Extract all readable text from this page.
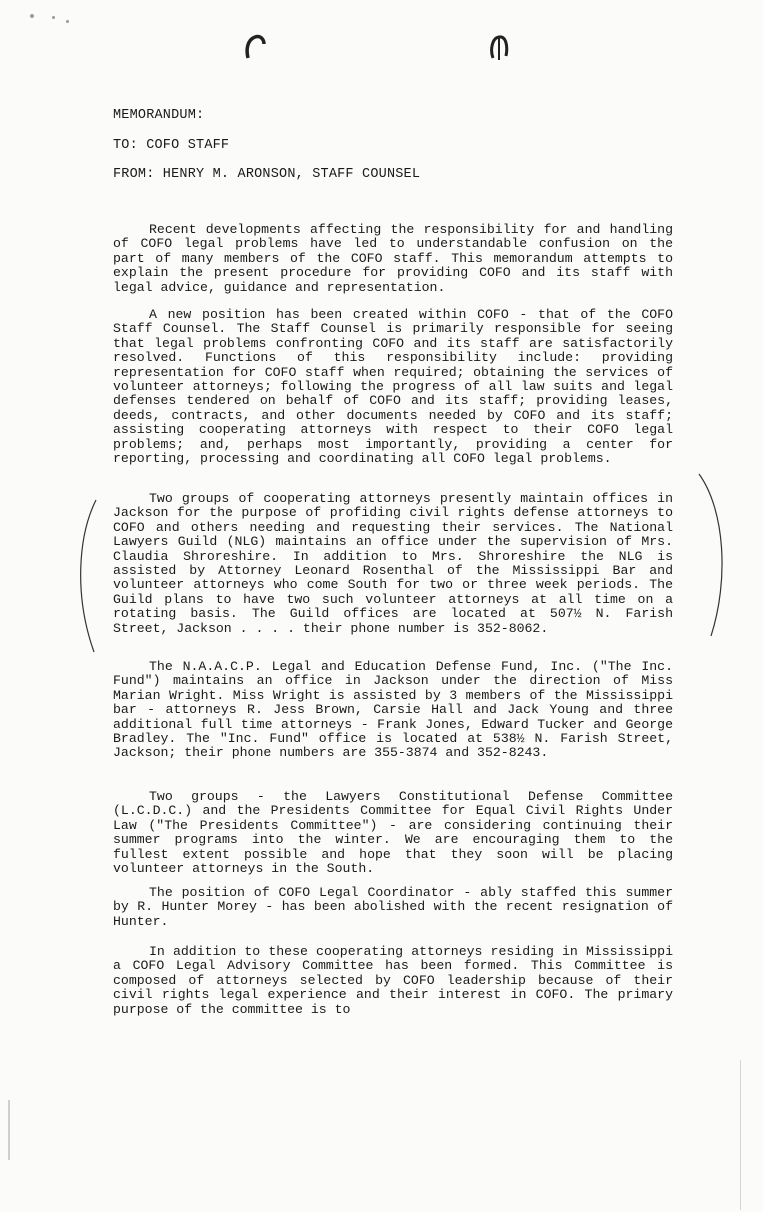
MEMORANDUM:
TO: COFO STAFF
FROM: HENRY M. ARONSON, STAFF COUNSEL

Recent developments affecting the responsibility for and handling of COFO legal problems have led to understandable confusion on the part of many members of the COFO staff. This memorandum attempts to explain the present procedure for providing COFO and its staff with legal advice, guidance and representation.

A new position has been created within COFO - that of the COFO Staff Counsel. The Staff Counsel is primarily responsible for seeing that legal problems confronting COFO and its staff are satisfactorily resolved. Functions of this responsibility include: providing representation for COFO staff when required; obtaining the services of volunteer attorneys; following the progress of all law suits and legal defenses tendered on behalf of COFO and its staff; providing leases, deeds, contracts, and other documents needed by COFO and its staff; assisting cooperating attorneys with respect to their COFO legal problems; and, perhaps most importantly, providing a center for reporting, processing and coordinating all COFO legal problems.

Two groups of cooperating attorneys presently maintain offices in Jackson for the purpose of profiding civil rights defense attorneys to COFO and others needing and requesting their services. The National Lawyers Guild (NLG) maintains an office under the supervision of Mrs. Claudia Shroreshire. In addition to Mrs. Shroreshire the NLG is assisted by Attorney Leonard Rosenthal of the Mississippi Bar and volunteer attorneys who come South for two or three week periods. The Guild plans to have two such volunteer attorneys at all time on a rotating basis. The Guild offices are located at 507½ N. Farish Street, Jackson . . . . their phone number is 352-8062.

The N.A.A.C.P. Legal and Education Defense Fund, Inc. ("The Inc. Fund") maintains an office in Jackson under the direction of Miss Marian Wright. Miss Wright is assisted by 3 members of the Mississippi bar - attorneys R. Jess Brown, Carsie Hall and Jack Young and three additional full time attorneys - Frank Jones, Edward Tucker and George Bradley. The "Inc. Fund" office is located at 538½ N. Farish Street, Jackson; their phone numbers are 355-3874 and 352-8243.

Two groups - the Lawyers Constitutional Defense Committee (L.C.D.C.) and the Presidents Committee for Equal Civil Rights Under Law ("The Presidents Committee") - are considering continuing their summer programs into the winter. We are encouraging them to the fullest extent possible and hope that they soon will be placing volunteer attorneys in the South.

The position of COFO Legal Coordinator - ably staffed this summer by R. Hunter Morey - has been abolished with the recent resignation of Hunter.

In addition to these cooperating attorneys residing in Mississippi a COFO Legal Advisory Committee has been formed. This Committee is composed of attorneys selected by COFO leadership because of their civil rights legal experience and their interest in COFO. The primary purpose of the committee is to
